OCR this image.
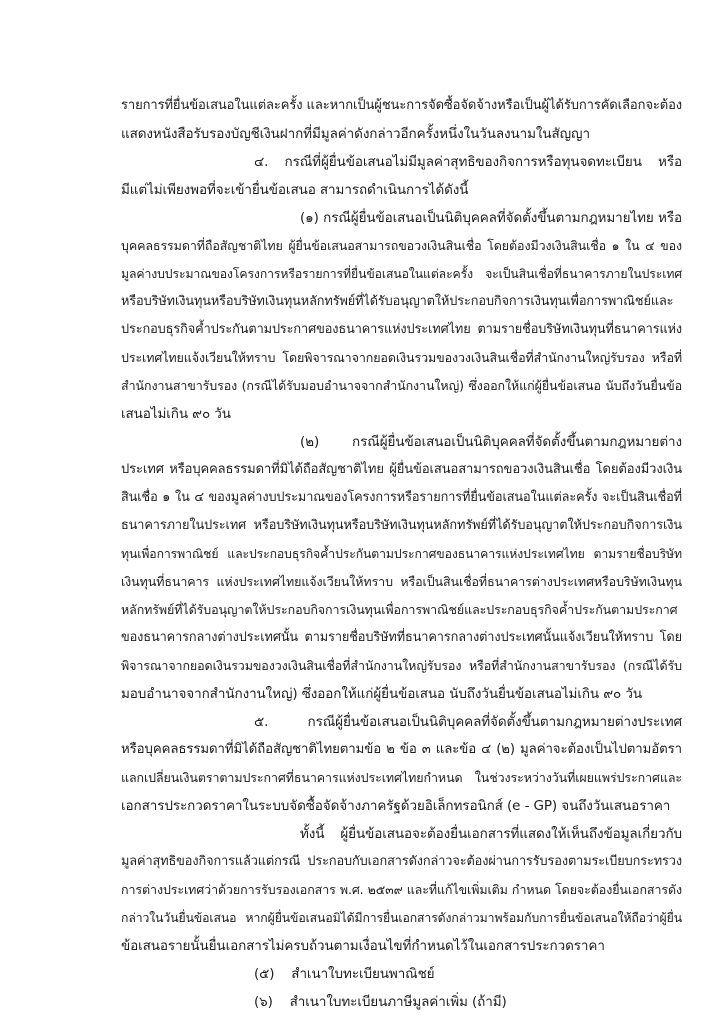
รายการที่ยื่นข้อเสนอในแต่ละครั้ง และหากเป็นผู้ชนะการจัดซื้อจัดจ้างหรือเป็นผู้ได้รับการคัดเลือกจะต้อง
แสดงหนังสือรับรองบัญชีเงินฝากที่มีมูลค่าดังกล่าวอีกครั้งหนึ่งในวันลงนามในสัญญา
๔. กรณีที่ผู้ยื่นข้อเสนอไม่มีมูลค่าสุทธิของกิจการหรือทุนจดทะเบียน หรือ
มีแต่ไม่เพียงพอที่จะเข้ายื่นข้อเสนอ สามารถดำเนินการได้ดังนี้
(๑) กรณีผู้ยื่นข้อเสนอเป็นนิติบุคคลที่จัดตั้งขึ้นตามกฎหมายไทย หรือ
บุคคลธรรมดาที่ถือสัญชาติไทย ผู้ยื่นข้อเสนอสามารถขอวงเงินสินเชื่อ โดยต้องมีวงเงินสินเชื่อ ๑ ใน ๔ ของ
มูลค่างบประมาณของโครงการหรือรายการที่ยื่นข้อเสนอในแต่ละครั้ง จะเป็นสินเชื่อที่ธนาคารภายในประเทศ
หรือบริษัทเงินทุนหรือบริษัทเงินทุนหลักทรัพย์ที่ได้รับอนุญาตให้ประกอบกิจการเงินทุนเพื่อการพาณิชย์และ
ประกอบธุรกิจค้ำประกันตามประกาศของธนาคารแห่งประเทศไทย ตามรายชื่อบริษัทเงินทุนที่ธนาคารแห่ง
ประเทศไทยแจ้งเวียนให้ทราบ โดยพิจารณาจากยอดเงินรวมของวงเงินสินเชื่อที่สำนักงานใหญ่รับรอง หรือที่
สำนักงานสาขารับรอง (กรณีได้รับมอบอำนาจจากสำนักงานใหญ่) ซึ่งออกให้แก่ผู้ยื่นข้อเสนอ นับถึงวันยื่นข้อ
เสนอไม่เกิน ๙๐ วัน
(๒) กรณีผู้ยื่นข้อเสนอเป็นนิติบุคคลที่จัดตั้งขึ้นตามกฎหมายต่าง
ประเทศ หรือบุคคลธรรมดาที่มิได้ถือสัญชาติไทย ผู้ยื่นข้อเสนอสามารถขอวงเงินสินเชื่อ โดยต้องมีวงเงิน
สินเชื่อ ๑ ใน ๔ ของมูลค่างบประมาณของโครงการหรือรายการที่ยื่นข้อเสนอในแต่ละครั้ง จะเป็นสินเชื่อที่
ธนาคารภายในประเทศ หรือบริษัทเงินทุนหรือบริษัทเงินทุนหลักทรัพย์ที่ได้รับอนุญาตให้ประกอบกิจการเงิน
ทุนเพื่อการพาณิชย์ และประกอบธุรกิจค้ำประกันตามประกาศของธนาคารแห่งประเทศไทย ตามรายชื่อบริษัท
เงินทุนที่ธนาคาร แห่งประเทศไทยแจ้งเวียนให้ทราบ หรือเป็นสินเชื่อที่ธนาคารต่างประเทศหรือบริษัทเงินทุน
หลักทรัพย์ที่ได้รับอนุญาตให้ประกอบกิจการเงินทุนเพื่อการพาณิชย์และประกอบธุรกิจค้ำประกันตามประกาศ
ของธนาคารกลางต่างประเทศนั้น ตามรายชื่อบริษัทที่ธนาคารกลางต่างประเทศนั้นแจ้งเวียนให้ทราบ โดย
พิจารณาจากยอดเงินรวมของวงเงินสินเชื่อที่สำนักงานใหญ่รับรอง หรือที่สำนักงานสาขารับรอง (กรณีได้รับ
มอบอำนาจจากสำนักงานใหญ่) ซึ่งออกให้แก่ผู้ยื่นข้อเสนอ นับถึงวันยื่นข้อเสนอไม่เกิน ๙๐ วัน
๕. กรณีผู้ยื่นข้อเสนอเป็นนิติบุคคลที่จัดตั้งขึ้นตามกฎหมายต่างประเทศ
หรือบุคคลธรรมดาที่มิได้ถือสัญชาติไทยตามข้อ ๒ ข้อ ๓ และข้อ ๔ (๒) มูลค่าจะต้องเป็นไปตามอัตรา
แลกเปลี่ยนเงินตราตามประกาศที่ธนาคารแห่งประเทศไทยกำหนด ในช่วงระหว่างวันที่เผยแพร่ประกาศและ
เอกสารประกวดราคาในระบบจัดซื้อจัดจ้างภาครัฐด้วยอิเล็กทรอนิกส์ (e - GP) จนถึงวันเสนอราคา
ทั้งนี้ ผู้ยื่นข้อเสนอจะต้องยื่นเอกสารที่แสดงให้เห็นถึงข้อมูลเกี่ยวกับ
มูลค่าสุทธิของกิจการแล้วแต่กรณี ประกอบกับเอกสารดังกล่าวจะต้องผ่านการรับรองตามระเบียบกระทรวง
การต่างประเทศว่าด้วยการรับรองเอกสาร พ.ศ. ๒๕๓๙ และที่แก้ไขเพิ่มเติม กำหนด โดยจะต้องยื่นเอกสารดัง
กล่าวในวันยื่นข้อเสนอ หากผู้ยื่นข้อเสนอมิได้มีการยื่นเอกสารดังกล่าวมาพร้อมกับการยื่นข้อเสนอให้ถือว่าผู้ยื่น
ข้อเสนอรายนั้นยื่นเอกสารไม่ครบถ้วนตามเงื่อนไขที่กำหนดไว้ในเอกสารประกวดราคา
(๕)    สำเนาใบทะเบียนพาณิชย์
(๖)    สำเนาใบทะเบียนภาษีมูลค่าเพิ่ม (ถ้ามี)
